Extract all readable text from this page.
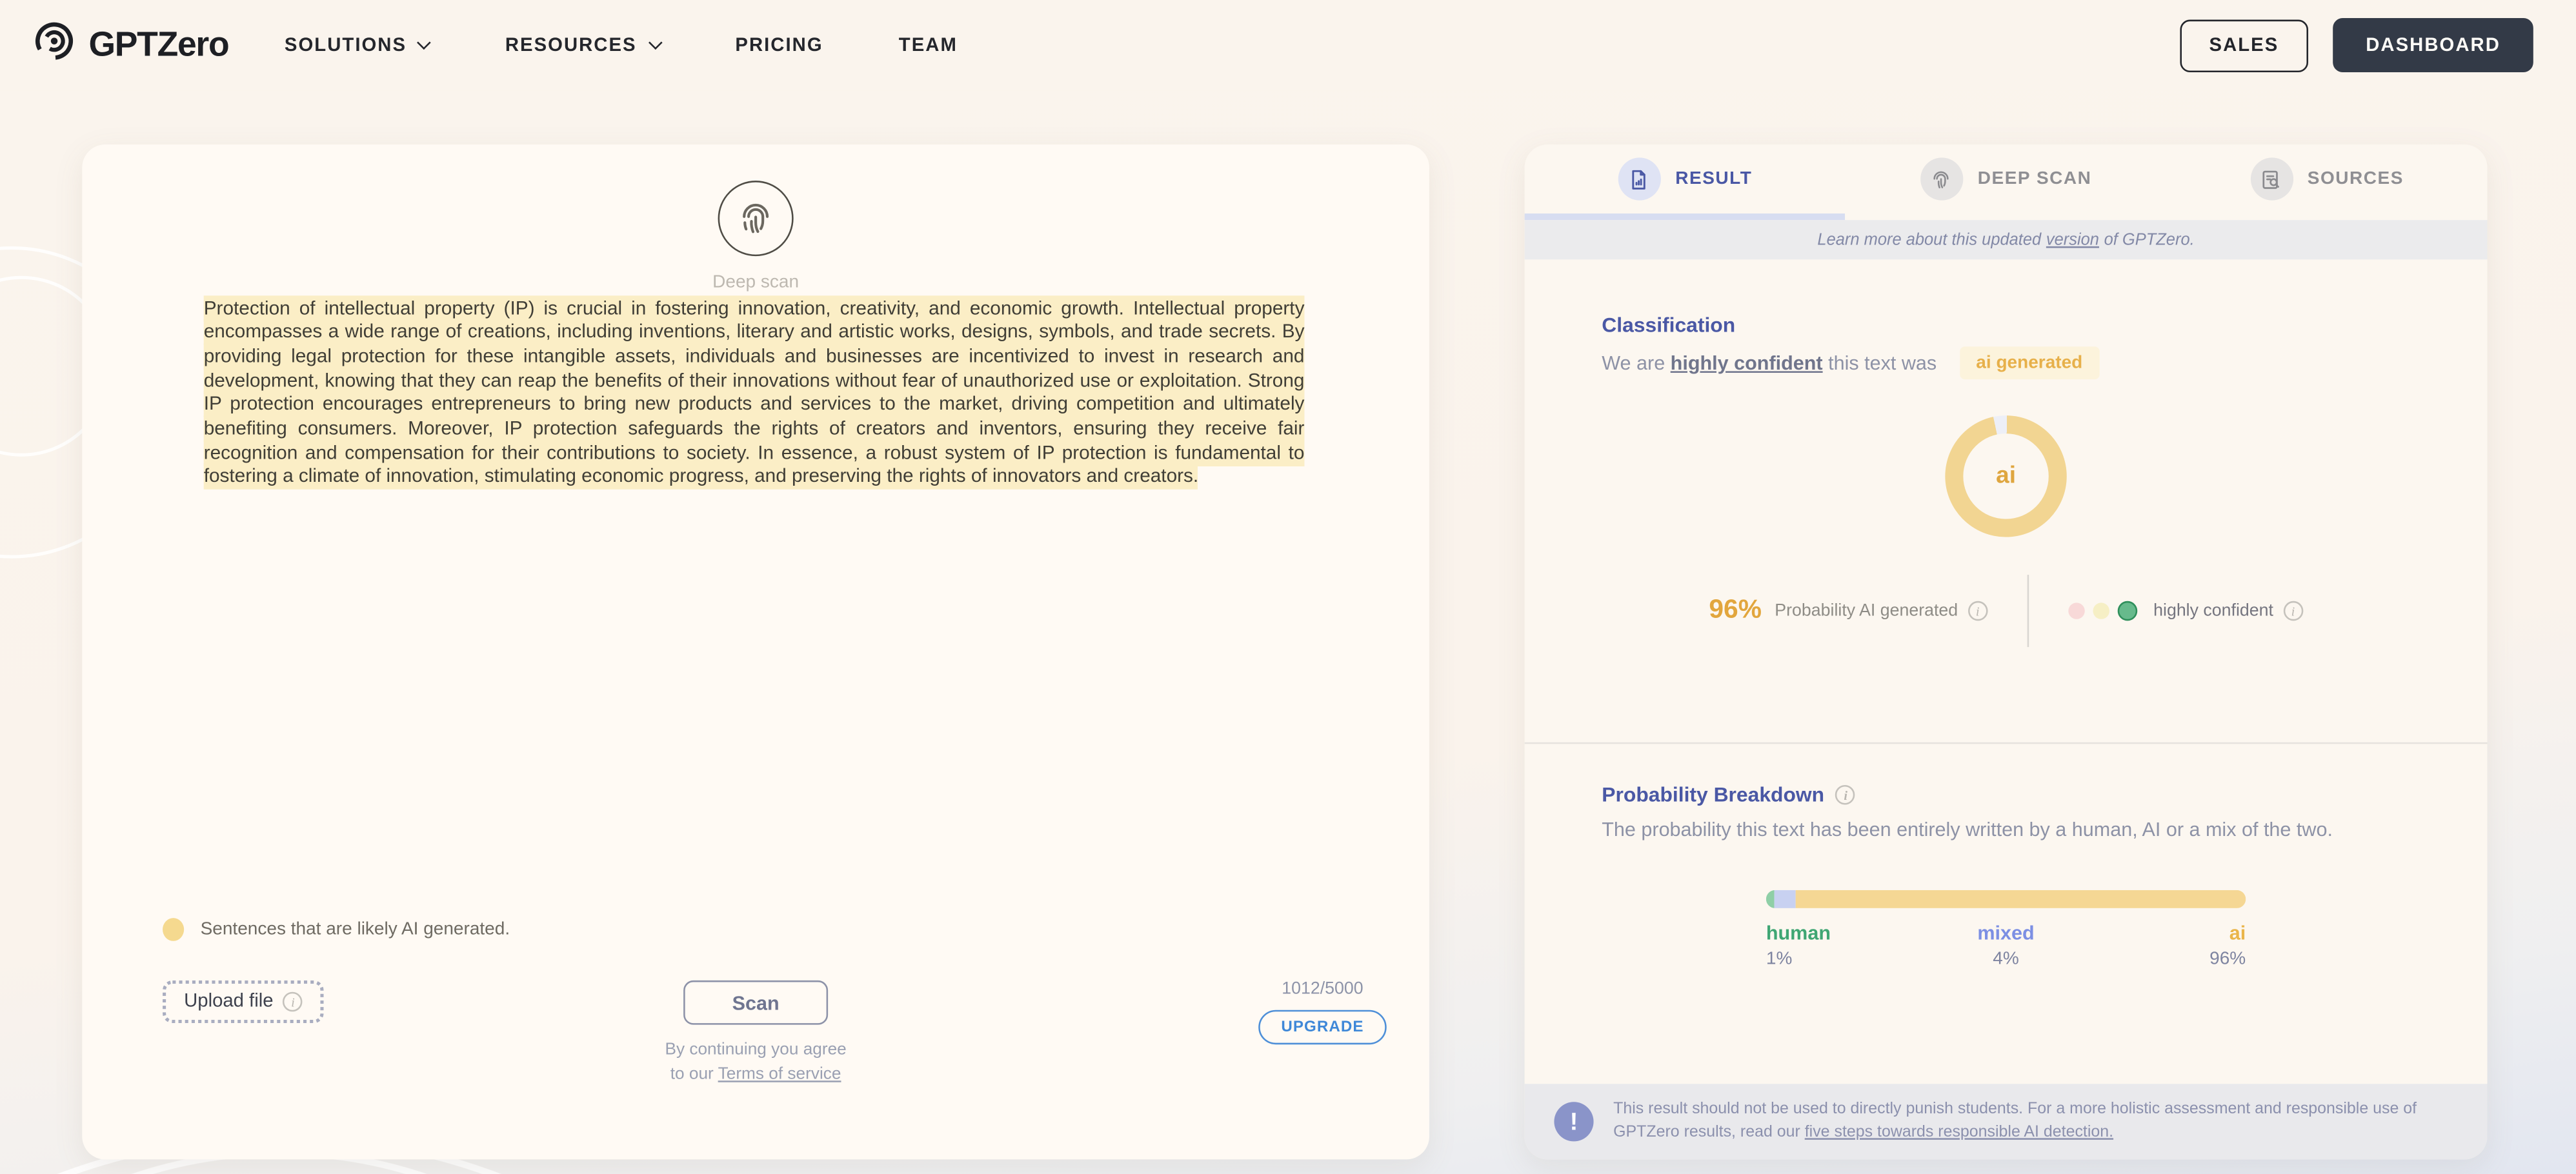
GPTZero	SOLUTIONS	RESOURCES	PRICING	TEAM	SALES	DASHBOARD
Deep scan
Protection of intellectual property (IP) is crucial in fostering innovation, creativity, and economic growth. Intellectual property encompasses a wide range of creations, including inventions, literary and artistic works, designs, symbols, and trade secrets. By providing legal protection for these intangible assets, individuals and businesses are incentivized to invest in research and development, knowing that they can reap the benefits of their innovations without fear of unauthorized use or exploitation. Strong IP protection encourages entrepreneurs to bring new products and services to the market, driving competition and ultimately benefiting consumers. Moreover, IP protection safeguards the rights of creators and inventors, ensuring they receive fair recognition and compensation for their contributions to society. In essence, a robust system of IP protection is fundamental to fostering a climate of innovation, stimulating economic progress, and preserving the rights of innovators and creators.
Sentences that are likely AI generated.
Upload file i	Scan
By continuing you agree
to our Terms of service
1012/5000
UPGRADE
RESULT	DEEP SCAN	SOURCES
Learn more about this updated version of GPTZero.
Classification
We are highly confident this text was	ai generated
ai
96% Probability AI generated i	highly confident
i
Probability Breakdown
i
The probability this text has been entirely written by a human, AI or a mix of the two.
human
1%
mixed
4%
ai
96%
!
This result should not be used to directly punish students. For a more holistic assessment and responsible use of GPTZero results, read our five steps towards responsible AI detection.
